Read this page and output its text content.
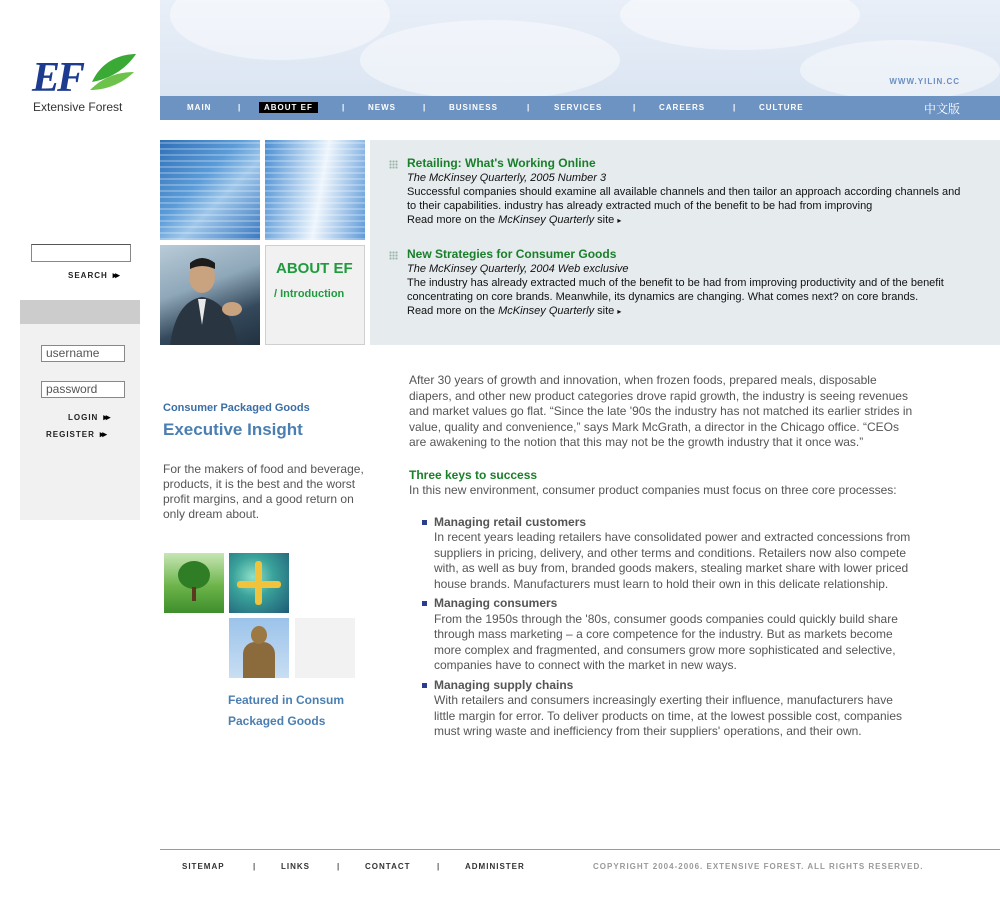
EF
Extensive Forest
WWW.YILIN.CC
MAIN	|	ABOUT EF	|	NEWS	|	BUSINESS	|	SERVICES	|	CAREERS	|	CULTURE	中文版
SEARCH ▸▸
username
password
LOGIN ▸▸
REGISTER ▸▸
ABOUT EF
/ Introduction
Retailing: What's Working Online
The McKinsey Quarterly, 2005 Number 3
Successful companies should examine all available channels and then tailor an approach according channels and to their capabilities. industry has already extracted much of the benefit to be had from improving
Read more on the McKinsey Quarterly site ▸
New Strategies for Consumer Goods
The McKinsey Quarterly, 2004 Web exclusive
The industry has already extracted much of the benefit to be had from improving productivity and of the benefit concentrating on core brands. Meanwhile, its dynamics are changing. What comes next? on core brands.
Read more on the McKinsey Quarterly site ▸
Consumer Packaged Goods
Executive Insight
For the makers of food and beverage, products, it is the best and the worst profit margins, and a good return on only dream about.
Featured in Consum
Packaged Goods

After 30 years of growth and innovation, when frozen foods, prepared meals, disposable diapers, and other new product categories drove rapid growth, the industry is seeing revenues and market values go flat. “Since the late '90s the industry has not matched its earlier strides in value, quality and convenience,” says Mark McGrath, a director in the Chicago office. “CEOs are awakening to the notion that this may not be the growth industry that it once was.”

Three keys to success

In this new environment, consumer product companies must focus on three core processes:

Managing retail customers
In recent years leading retailers have consolidated power and extracted concessions from suppliers in pricing, delivery, and other terms and conditions. Retailers now also compete with, as well as buy from, branded goods makers, stealing market share with lower priced house brands. Manufacturers must learn to hold their own in this delicate relationship.
Managing consumers
From the 1950s through the '80s, consumer goods companies could quickly build share through mass marketing – a core competence for the industry. But as markets become more complex and fragmented, and consumers grow more sophisticated and selective, companies have to connect with the market in new ways.
Managing supply chains
With retailers and consumers increasingly exerting their influence, manufacturers have little margin for error. To deliver products on time, at the lowest possible cost, companies must wring waste and inefficiency from their suppliers' operations, and their own.
SITEMAP	|	LINKS	|	CONTACT	|	ADMINISTER	COPYRIGHT 2004-2006. EXTENSIVE FOREST. ALL RIGHTS RESERVED.
